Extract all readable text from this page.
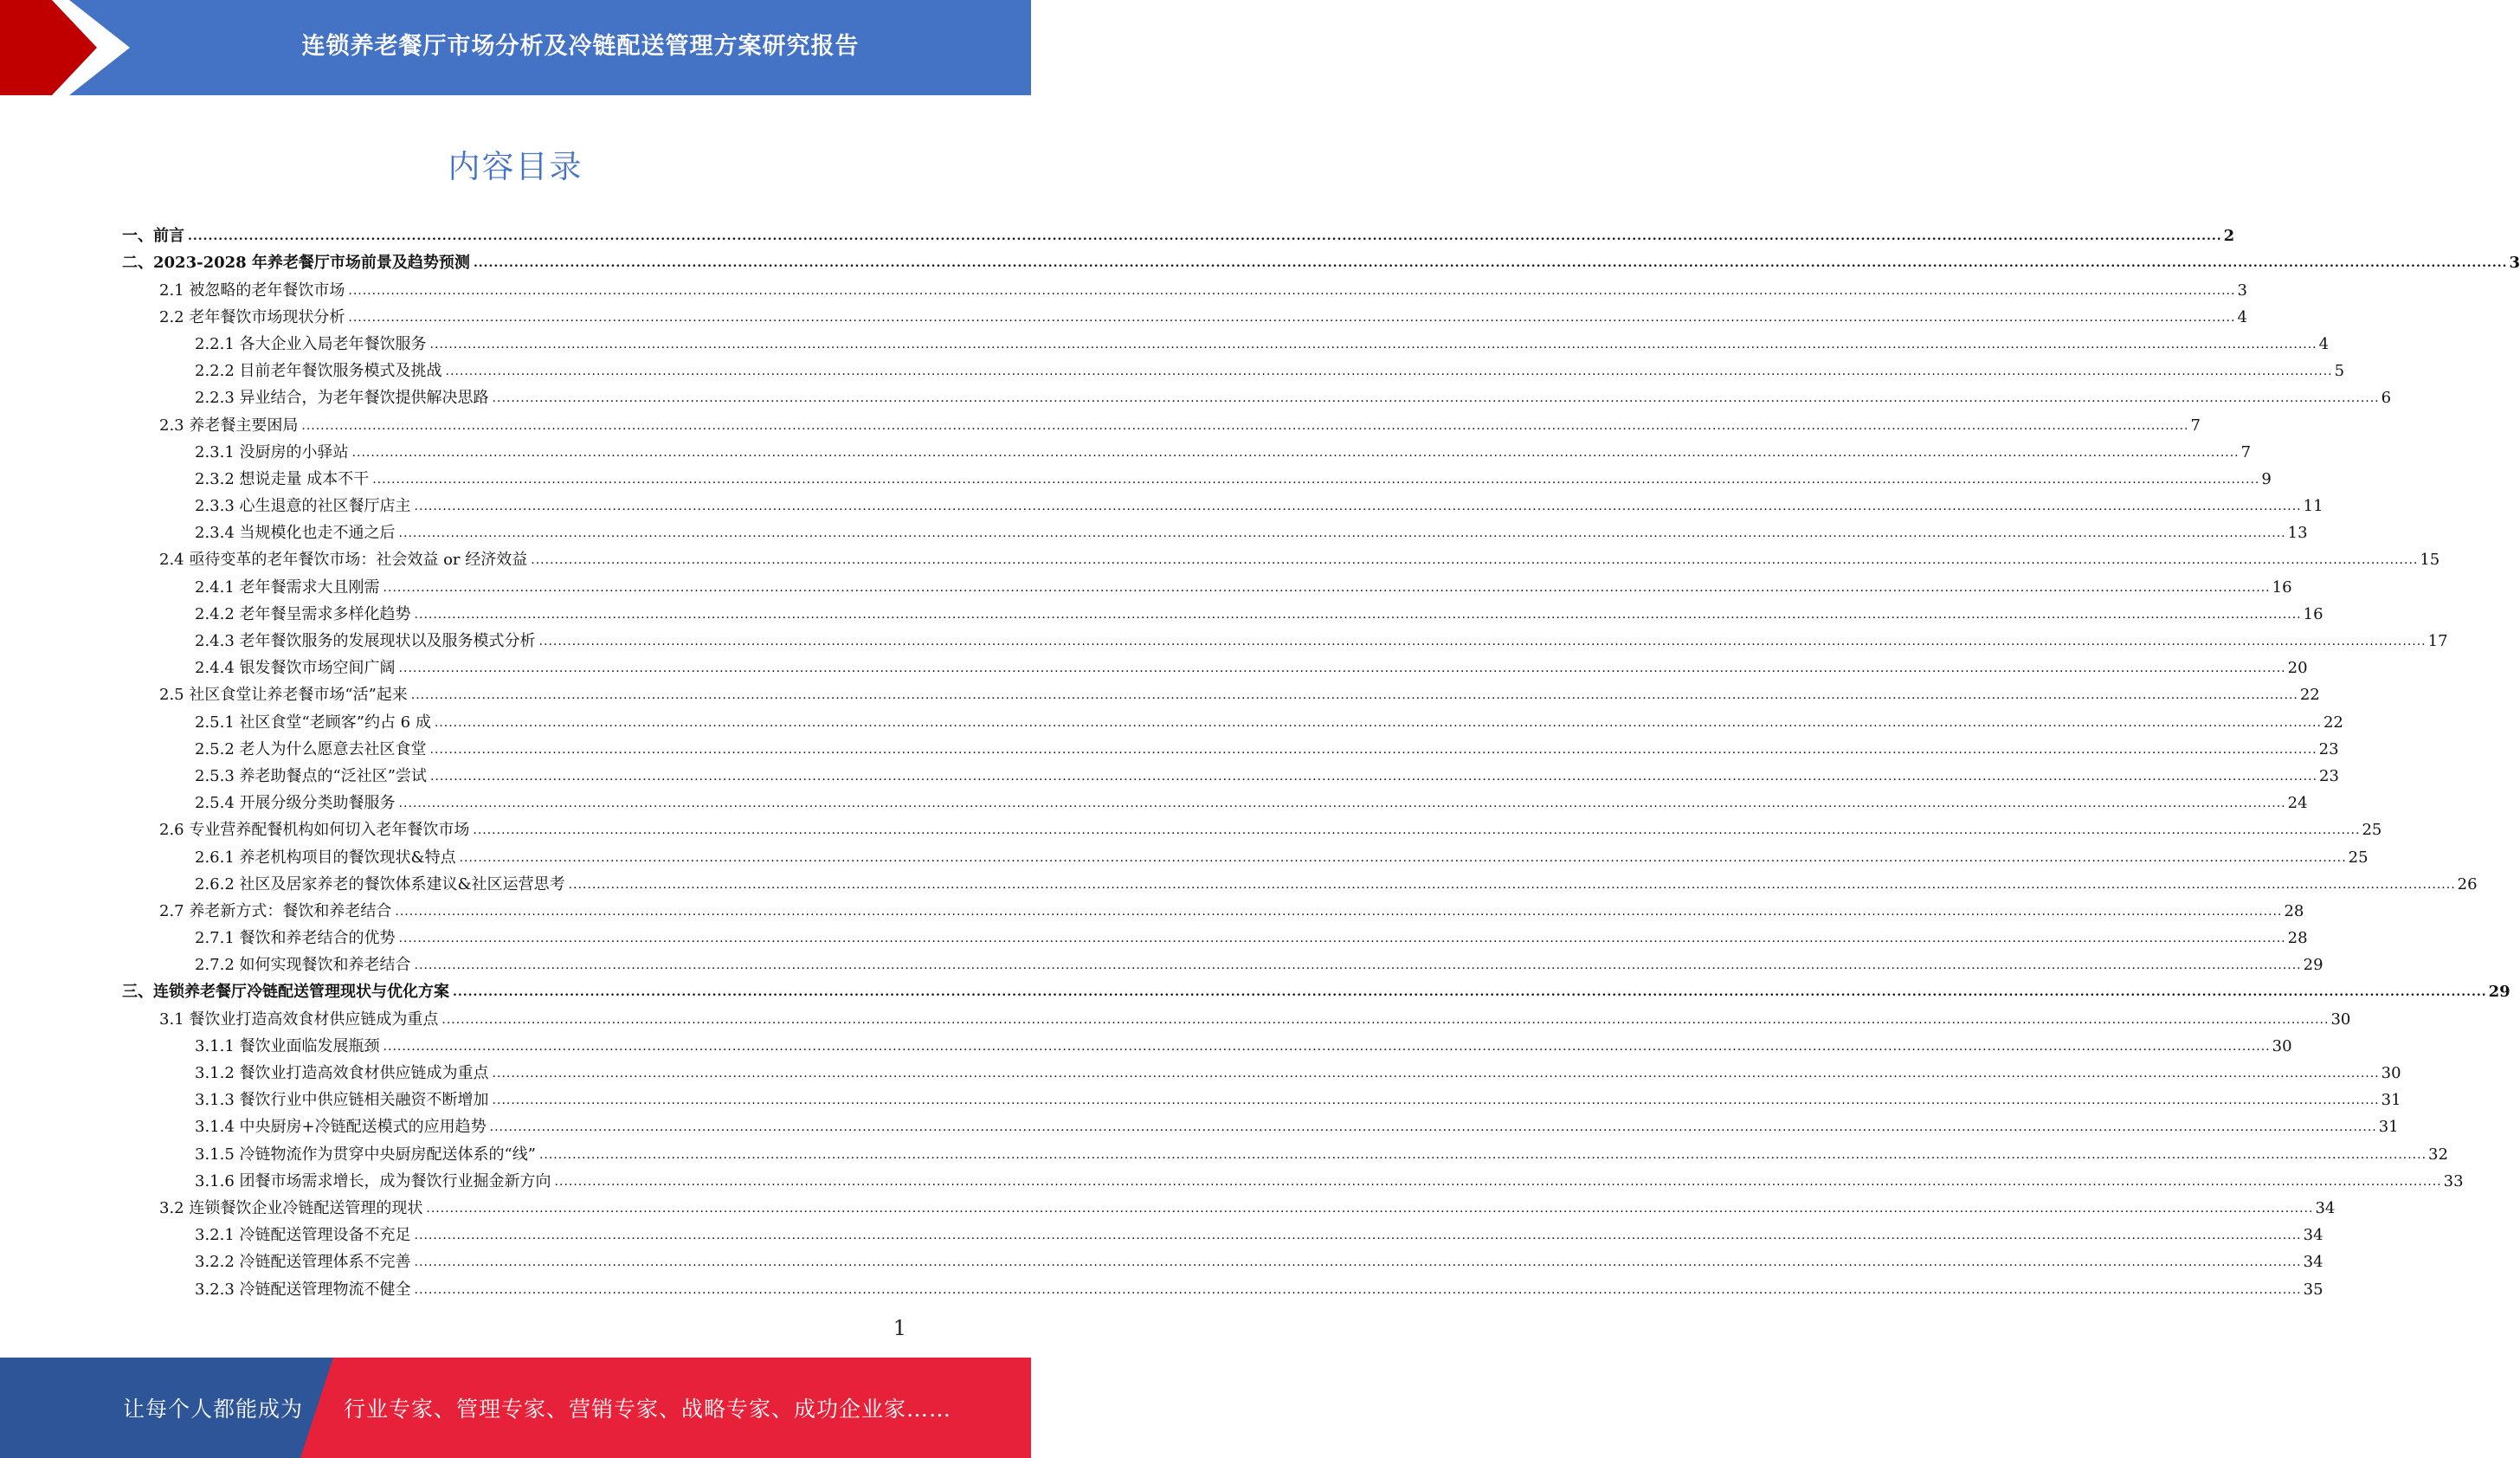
连锁养老餐厅市场分析及冷链配送管理方案研究报告
内容目录
一、 前言 ................................................................................................................................................................................................................................................................................................................................................................................................................ 2
二、 2023-2028 年养老餐厅市场前景及趋势预测 ................................................................................................................................................................................................................................................................................................................................................................................................................ 3
2.1
被忽略的老年餐饮市场 ................................................................................................................................................................................................................................................................................................................................................................................................................ 3
2.2
老年餐饮市场现状分析 ................................................................................................................................................................................................................................................................................................................................................................................................................ 4
2.2.1
各大企业入局老年餐饮服务 ................................................................................................................................................................................................................................................................................................................................................................................................................ 4
2.2.2
目前老年餐饮服务模式及挑战 ................................................................................................................................................................................................................................................................................................................................................................................................................ 5
2.2.3
异业结合，为老年餐饮提供解决思路 ................................................................................................................................................................................................................................................................................................................................................................................................................ 6
2.3
养老餐主要困局 ................................................................................................................................................................................................................................................................................................................................................................................................................ 7
2.3.1
没厨房的小驿站 ................................................................................................................................................................................................................................................................................................................................................................................................................ 7
2.3.2
想说走量 成本不干 ................................................................................................................................................................................................................................................................................................................................................................................................................ 9
2.3.3
心生退意的社区餐厅店主 ................................................................................................................................................................................................................................................................................................................................................................................................................ 11
2.3.4
当规模化也走不通之后 ................................................................................................................................................................................................................................................................................................................................................................................................................ 13
2.4
亟待变革的老年餐饮市场：社会效益 or 经济效益 ................................................................................................................................................................................................................................................................................................................................................................................................................ 15
2.4.1
老年餐需求大且刚需 ................................................................................................................................................................................................................................................................................................................................................................................................................ 16
2.4.2
老年餐呈需求多样化趋势 ................................................................................................................................................................................................................................................................................................................................................................................................................ 16
2.4.3
老年餐饮服务的发展现状以及服务模式分析 ................................................................................................................................................................................................................................................................................................................................................................................................................ 17
2.4.4
银发餐饮市场空间广阔 ................................................................................................................................................................................................................................................................................................................................................................................................................ 20
2.5
社区食堂让养老餐市场“活”起来 ................................................................................................................................................................................................................................................................................................................................................................................................................ 22
2.5.1
社区食堂“老顾客”约占 6 成 ................................................................................................................................................................................................................................................................................................................................................................................................................ 22
2.5.2
老人为什么愿意去社区食堂 ................................................................................................................................................................................................................................................................................................................................................................................................................ 23
2.5.3
养老助餐点的“泛社区”尝试 ................................................................................................................................................................................................................................................................................................................................................................................................................ 23
2.5.4
开展分级分类助餐服务 ................................................................................................................................................................................................................................................................................................................................................................................................................ 24
2.6
专业营养配餐机构如何切入老年餐饮市场 ................................................................................................................................................................................................................................................................................................................................................................................................................ 25
2.6.1
养老机构项目的餐饮现状&特点 ................................................................................................................................................................................................................................................................................................................................................................................................................ 25
2.6.2
社区及居家养老的餐饮体系建议&社区运营思考 ................................................................................................................................................................................................................................................................................................................................................................................................................ 26
2.7
养老新方式：餐饮和养老结合 ................................................................................................................................................................................................................................................................................................................................................................................................................ 28
2.7.1
餐饮和养老结合的优势 ................................................................................................................................................................................................................................................................................................................................................................................................................ 28
2.7.2
如何实现餐饮和养老结合 ................................................................................................................................................................................................................................................................................................................................................................................................................ 29
三、 连锁养老餐厅冷链配送管理现状与优化方案 ................................................................................................................................................................................................................................................................................................................................................................................................................ 29
3.1
餐饮业打造高效食材供应链成为重点 ................................................................................................................................................................................................................................................................................................................................................................................................................ 30
3.1.1
餐饮业面临发展瓶颈 ................................................................................................................................................................................................................................................................................................................................................................................................................ 30
3.1.2
餐饮业打造高效食材供应链成为重点 ................................................................................................................................................................................................................................................................................................................................................................................................................ 30
3.1.3
餐饮行业中供应链相关融资不断增加 ................................................................................................................................................................................................................................................................................................................................................................................................................ 31
3.1.4
中央厨房+冷链配送模式的应用趋势 ................................................................................................................................................................................................................................................................................................................................................................................................................ 31
3.1.5
冷链物流作为贯穿中央厨房配送体系的“线” ................................................................................................................................................................................................................................................................................................................................................................................................................ 32
3.1.6
团餐市场需求增长，成为餐饮行业掘金新方向 ................................................................................................................................................................................................................................................................................................................................................................................................................ 33
3.2
连锁餐饮企业冷链配送管理的现状 ................................................................................................................................................................................................................................................................................................................................................................................................................ 34
3.2.1
冷链配送管理设备不充足 ................................................................................................................................................................................................................................................................................................................................................................................................................ 34
3.2.2
冷链配送管理体系不完善 ................................................................................................................................................................................................................................................................................................................................................................................................................ 34
3.2.3
冷链配送管理物流不健全 ................................................................................................................................................................................................................................................................................................................................................................................................................ 35
1
让每个人都能成为 行业专家、管理专家、营销专家、战略专家、成功企业家……
